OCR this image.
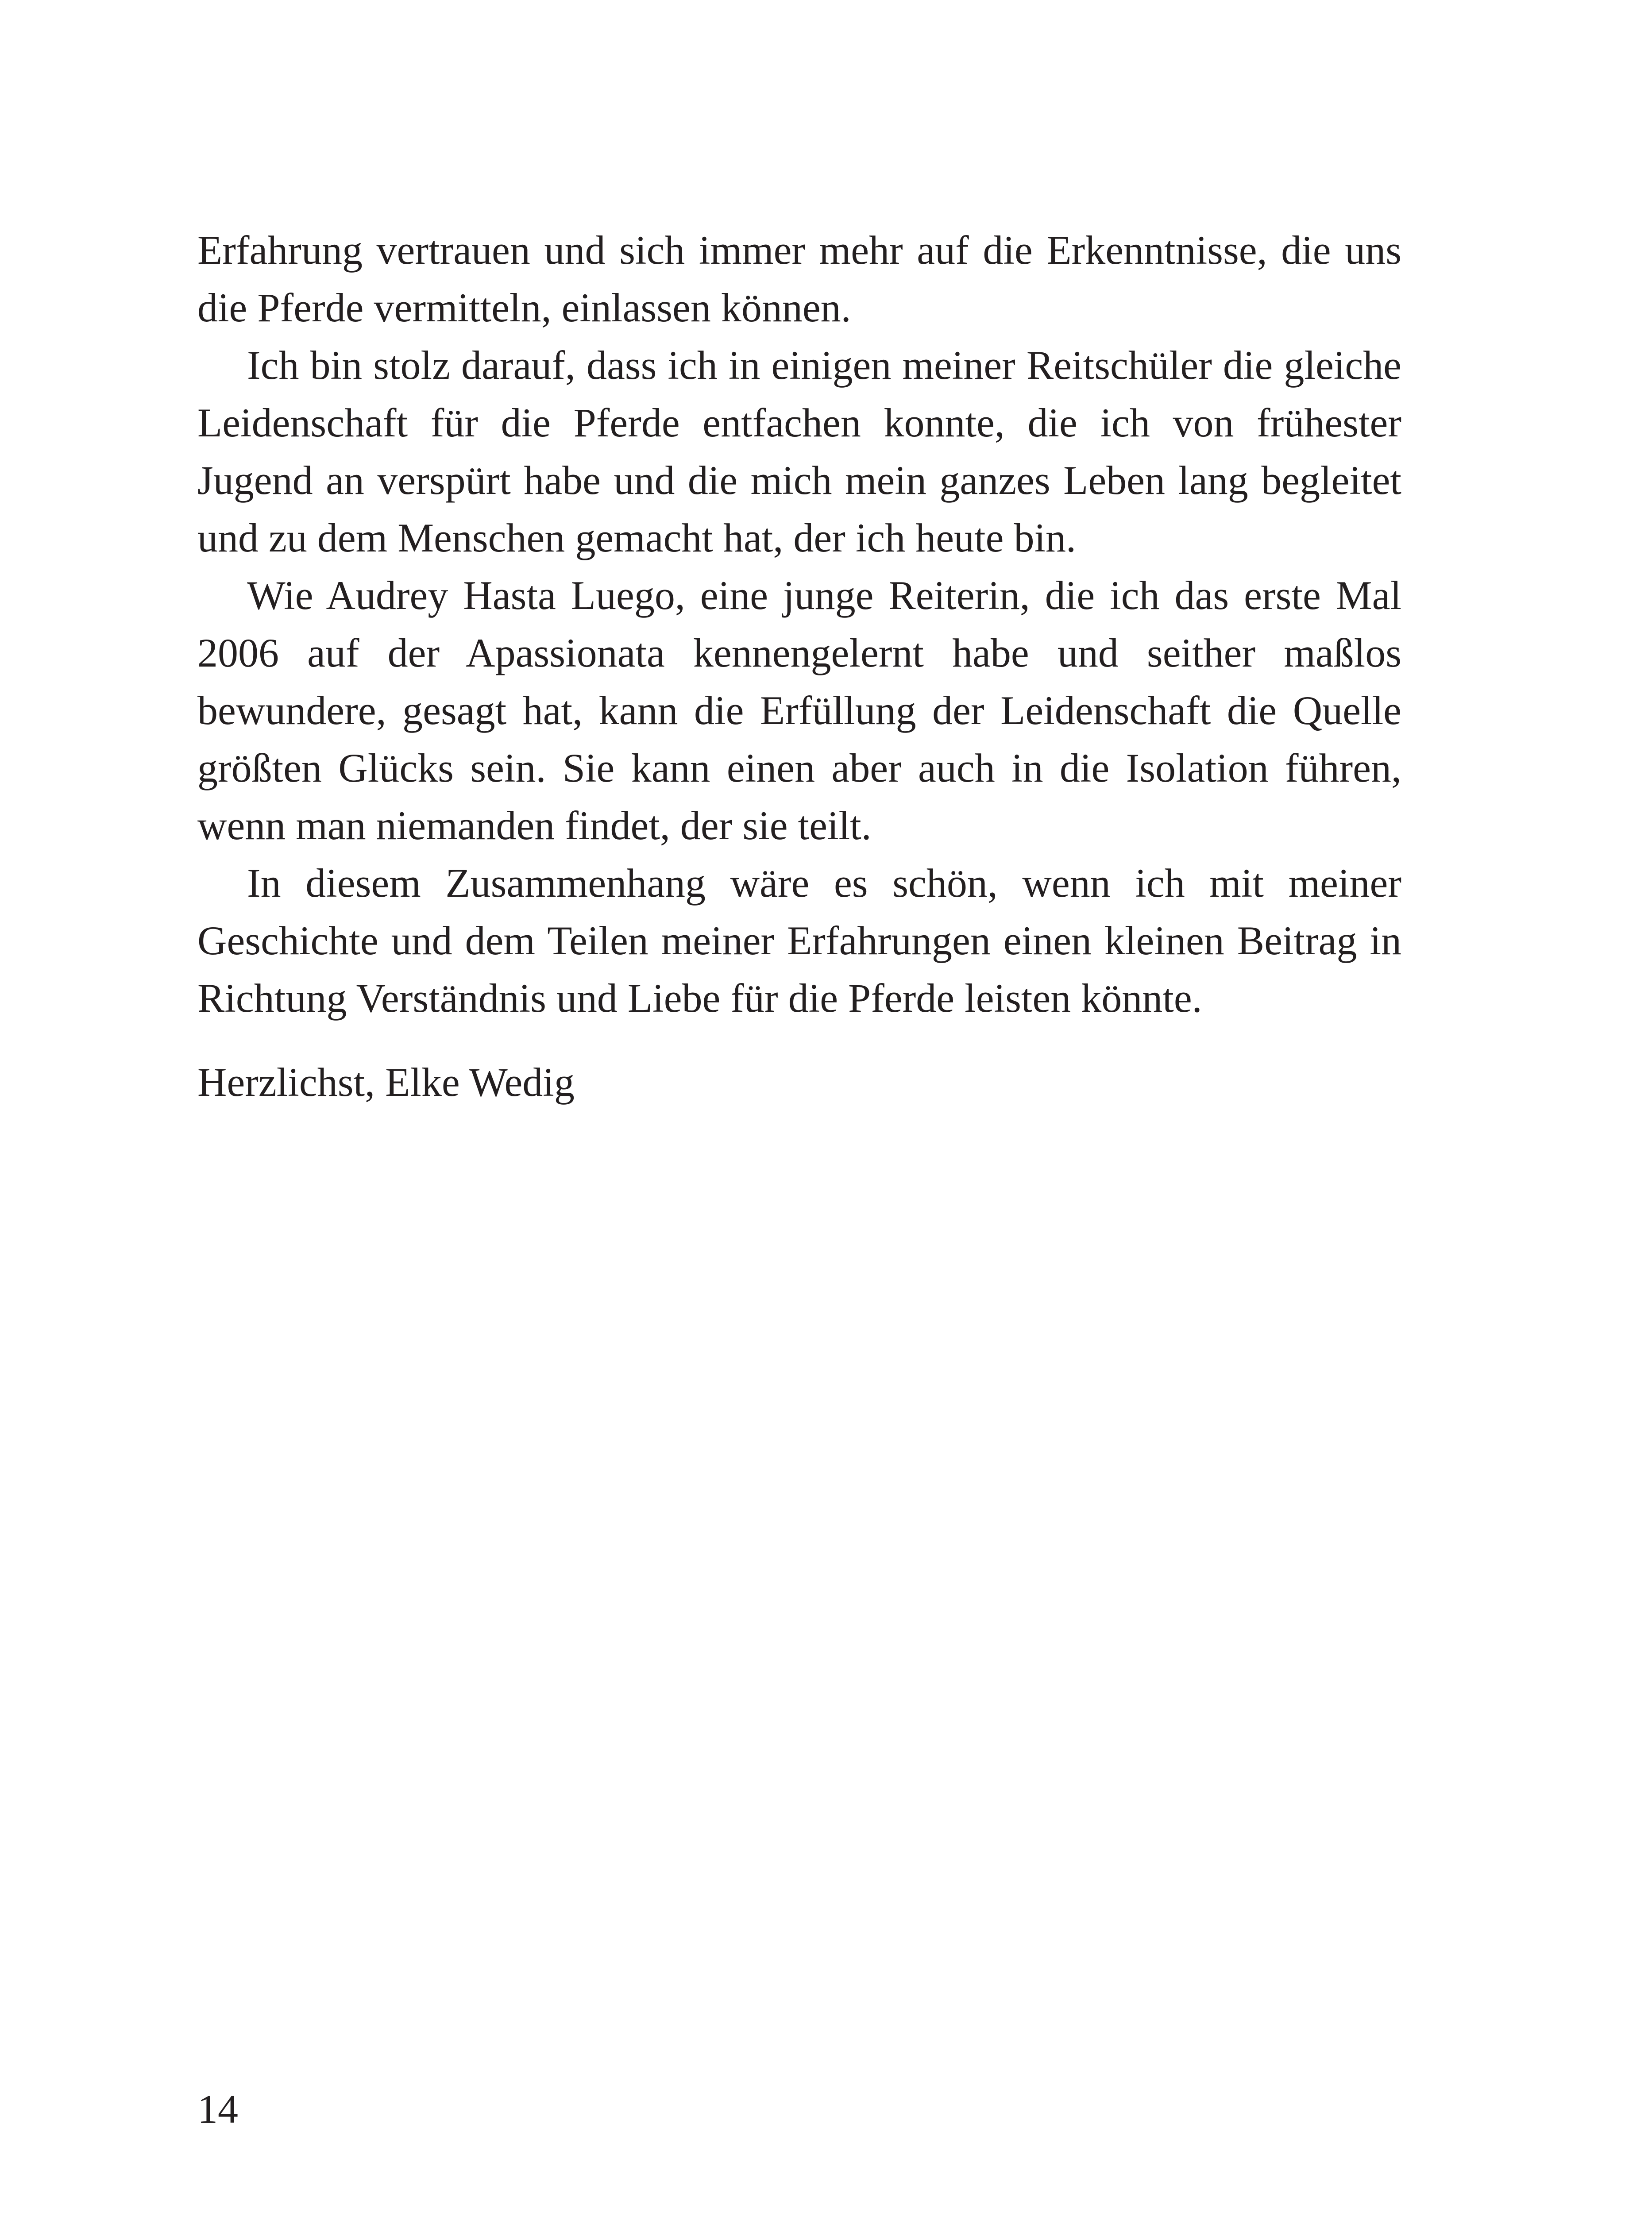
Erfahrung vertrauen und sich immer mehr auf die Erkenntnisse, die uns die Pferde vermitteln, einlassen können.

Ich bin stolz darauf, dass ich in einigen meiner Reitschüler die gleiche Leidenschaft für die Pferde entfachen konnte, die ich von frühester Jugend an verspürt habe und die mich mein ganzes Leben lang begleitet und zu dem Menschen gemacht hat, der ich heute bin.

Wie Audrey Hasta Luego, eine junge Reiterin, die ich das erste Mal 2006 auf der Apassionata kennengelernt habe und seither maßlos bewundere, gesagt hat, kann die Erfüllung der Leidenschaft die Quelle größten Glücks sein. Sie kann einen aber auch in die Isolation führen, wenn man niemanden findet, der sie teilt.

In diesem Zusammenhang wäre es schön, wenn ich mit meiner Geschichte und dem Teilen meiner Erfahrungen einen kleinen Beitrag in Richtung Verständnis und Liebe für die Pferde leisten könnte.

Herzlichst, Elke Wedig
14
